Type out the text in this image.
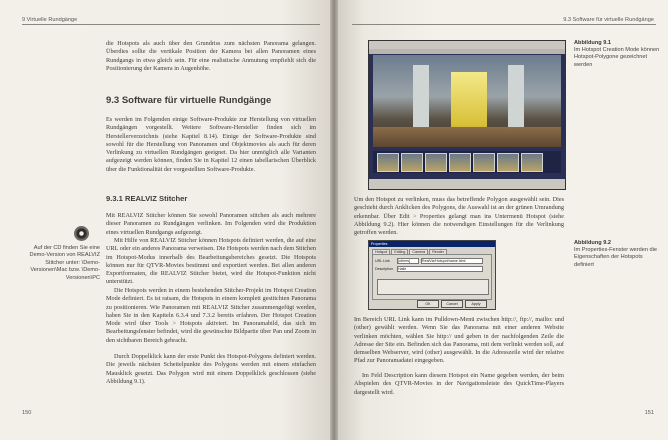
9 Virtuelle Rundgänge
die Hotspots als auch über den Grundriss zum nächsten Panorama gelangen. Überdies sollte die vertikale Position der Kamera bei allen Panoramen eines Rundgangs in etwa gleich sein. Für eine realistische Anmutung empfiehlt sich die Positionierung der Kamera in Augenhöhe.
9.3 Software für virtuelle Rundgänge
Es werden im Folgenden einige Software-Produkte zur Herstellung von virtuellen Rundgängen vorgestellt. Weitere Software-Hersteller finden sich im Herstellerverzeichnis (siehe Kapitel 8.14). Einige der Software-Produkte sind sowohl für die Herstellung von Panoramen und Objektmovies als auch für deren Verlinkung zu virtuellen Rundgängen geeignet. Da hier unmöglich alle Varianten aufgezeigt werden können, finden Sie in Kapitel 12 einen tabellarischen Überblick über die Funktionalität der vorgestellten Software-Produkte.
9.3.1 REALVIZ Stitcher
Mit REALVIZ Stitcher können Sie sowohl Panoramen stitchen als auch mehrere dieser Panoramen zu Rundgängen verlinken. Im Folgenden wird die Produktion eines virtuellen Rundgangs aufgezeigt.
Mit Hilfe von REALVIZ Stitcher können Hotspots definiert werden, die auf eine URL oder ein anderes Panorama verweisen. Die Hotspots werden nach dem Stitchen im Hotspot-Modus innerhalb des Bearbeitungsbereiches gesetzt. Die Hotspots können nur für QTVR-Movies bestimmt und exportiert werden. Bei allen anderen Exportformaten, die REALVIZ Stitcher bietet, wird die Hotspot-Funktion nicht unterstützt.
Die Hotspots werden in einem bestehenden Stitcher-Projekt im Hotspot Creation Mode definiert. Es ist ratsam, die Hotspots in einem komplett gestitchten Panorama zu positionieren. Wie Panoramen mit REALVIZ Stitcher zusammengefügt werden, haben Sie in den Kapiteln 6.3.4 und 7.3.2 bereits erfahren. Der Hotspot Creation Mode wird über Tools > Hotspots aktiviert. Im Panoramabild, das sich im Bearbeitungsfenster befindet, wird die gewünschte Bildpartie über Pan und Zoom in den sichtbaren Bereich gebracht.
Durch Doppelklick kann der erste Punkt des Hotspot-Polygons definiert werden. Die jeweils nächsten Scheitelpunkte des Polygons werden mit einem einfachen Mausklick gesetzt. Das Polygon wird mit einem Doppelklick geschlossen (siehe Abbildung 9.1).
Auf der CD finden Sie eine Demo-Version von REALVIZ Stitcher unter: \Demo-Versionen\Mac bzw. \Demo-Versionen\PC
150
9.3 Software für virtuelle Rundgänge
Abbildung 9.1
Im Hotspot Creation Mode können Hotspot-Polygone gezeichnet werden
Um den Hotspot zu verlinken, muss das betreffende Polygon ausgewählt sein. Dies geschieht durch Anklicken des Polygons, die Auswahl ist an der grünen Umrandung erkennbar. Über Edit > Properties gelangt man ins Untermenü Hotspot (siehe Abbildung 9.2). Hier können die notwendigen Einstellungen für die Verlinkung getroffen werden.
Properties
Hotspot Editing Camera Render
URL Link [others]	RealViz/Hotspot/name.html
Description Halle
OK	Cancel	Apply
Abbildung 9.2
Im Properties-Fenster werden die Eigenschaften der Hotspots definiert
Im Bereich URL Link kann im Pulldown-Menü zwischen http://, ftp://, mailto: und (other) gewählt werden. Wenn Sie das Panorama mit einer anderen Website verlinken möchten, wählen Sie http:// und geben in der nachfolgenden Zeile die Adresse der Site ein. Befinden sich das Panorama, mit dem verlinkt werden soll, auf demselben Webserver, wird (other) ausgewählt. In die Adresszeile wird der relative Pfad zur Panoramadatei eingegeben.
Im Feld Description kann diesem Hotspot ein Name gegeben werden, der beim Abspielen des QTVR-Movies in der Navigationsleiste des QuickTime-Players dargestellt wird.
151
